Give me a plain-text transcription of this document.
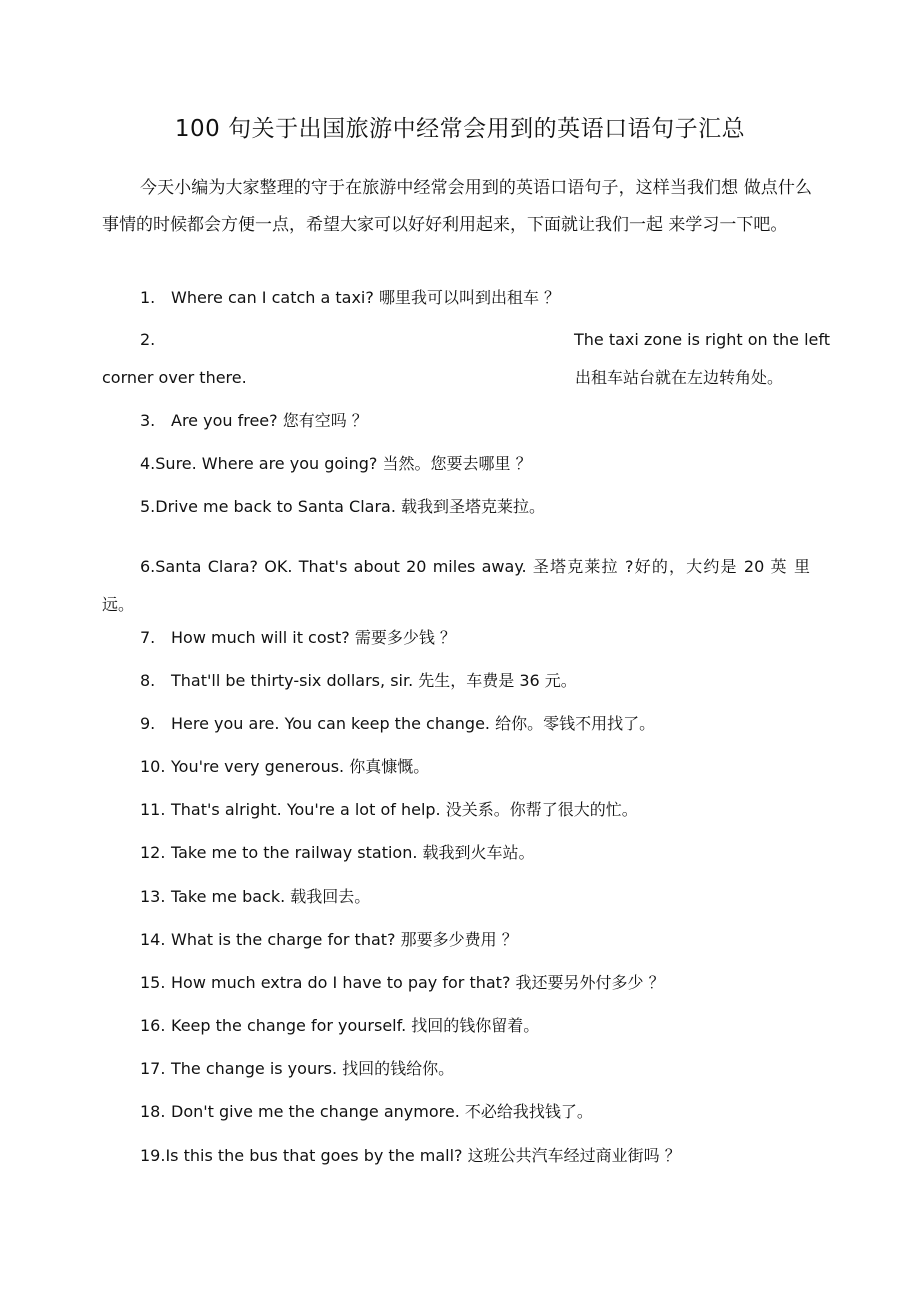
100 句关于出国旅游中经常会用到的英语口语句子汇总
今天小编为大家整理的守于在旅游中经常会用到的英语口语句子，这样当我们想 做点什么事情的时候都会方便一点，希望大家可以好好利用起来，下面就让我们一起 来学习一下吧。
1. Where can I catch a taxi? 哪里我可以叫到出租车 ？
2.	The taxi zone is right on the left
corner over there.	出租车站台就在左边转角处。
3. Are you free? 您有空吗 ？
4.Sure. Where are you going? 当然。您要去哪里 ？
5.Drive me back to Santa Clara. 载我到圣塔克莱拉。
6.Santa Clara? OK. That's about 20 miles away. 圣塔克莱拉 ?好的，大约是 20 英 里远。
7. How much will it cost? 需要多少钱 ？
8. That'll be thirty-six dollars, sir. 先生，车费是 36 元。
9. Here you are. You can keep the change. 给你。零钱不用找了。
10. You're very generous. 你真慷慨。
11. That's alright. You're a lot of help. 没关系。你帮了很大的忙。
12. Take me to the railway station. 载我到火车站。
13. Take me back. 载我回去。
14. What is the charge for that? 那要多少费用 ？
15. How much extra do I have to pay for that? 我还要另外付多少 ？
16. Keep the change for yourself. 找回的钱你留着。
17. The change is yours. 找回的钱给你。
18. Don't give me the change anymore. 不必给我找钱了。
19.Is this the bus that goes by the mall? 这班公共汽车经过商业街吗 ？
